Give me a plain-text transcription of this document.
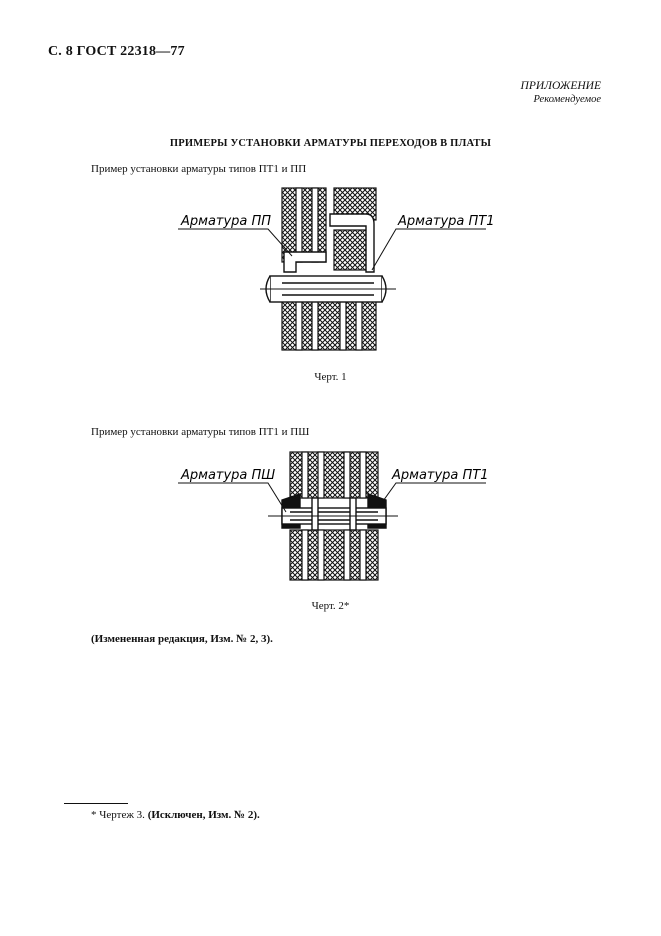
С. 8 ГОСТ 22318—77
ПРИЛОЖЕНИЕ
Рекомендуемое
ПРИМЕРЫ УСТАНОВКИ АРМАТУРЫ ПЕРЕХОДОВ В ПЛАТЫ
Пример установки арматуры типов ПТ1 и ПП
Арматура ПП	Арматура ПТ1
Арматура ПШ	Арматура ПТ1
Черт. 1
Пример установки арматуры типов ПТ1 и ПШ
Черт. 2*
(Измененная редакция, Изм. № 2, 3).
* Чертеж 3. (Исключен, Изм. № 2).
